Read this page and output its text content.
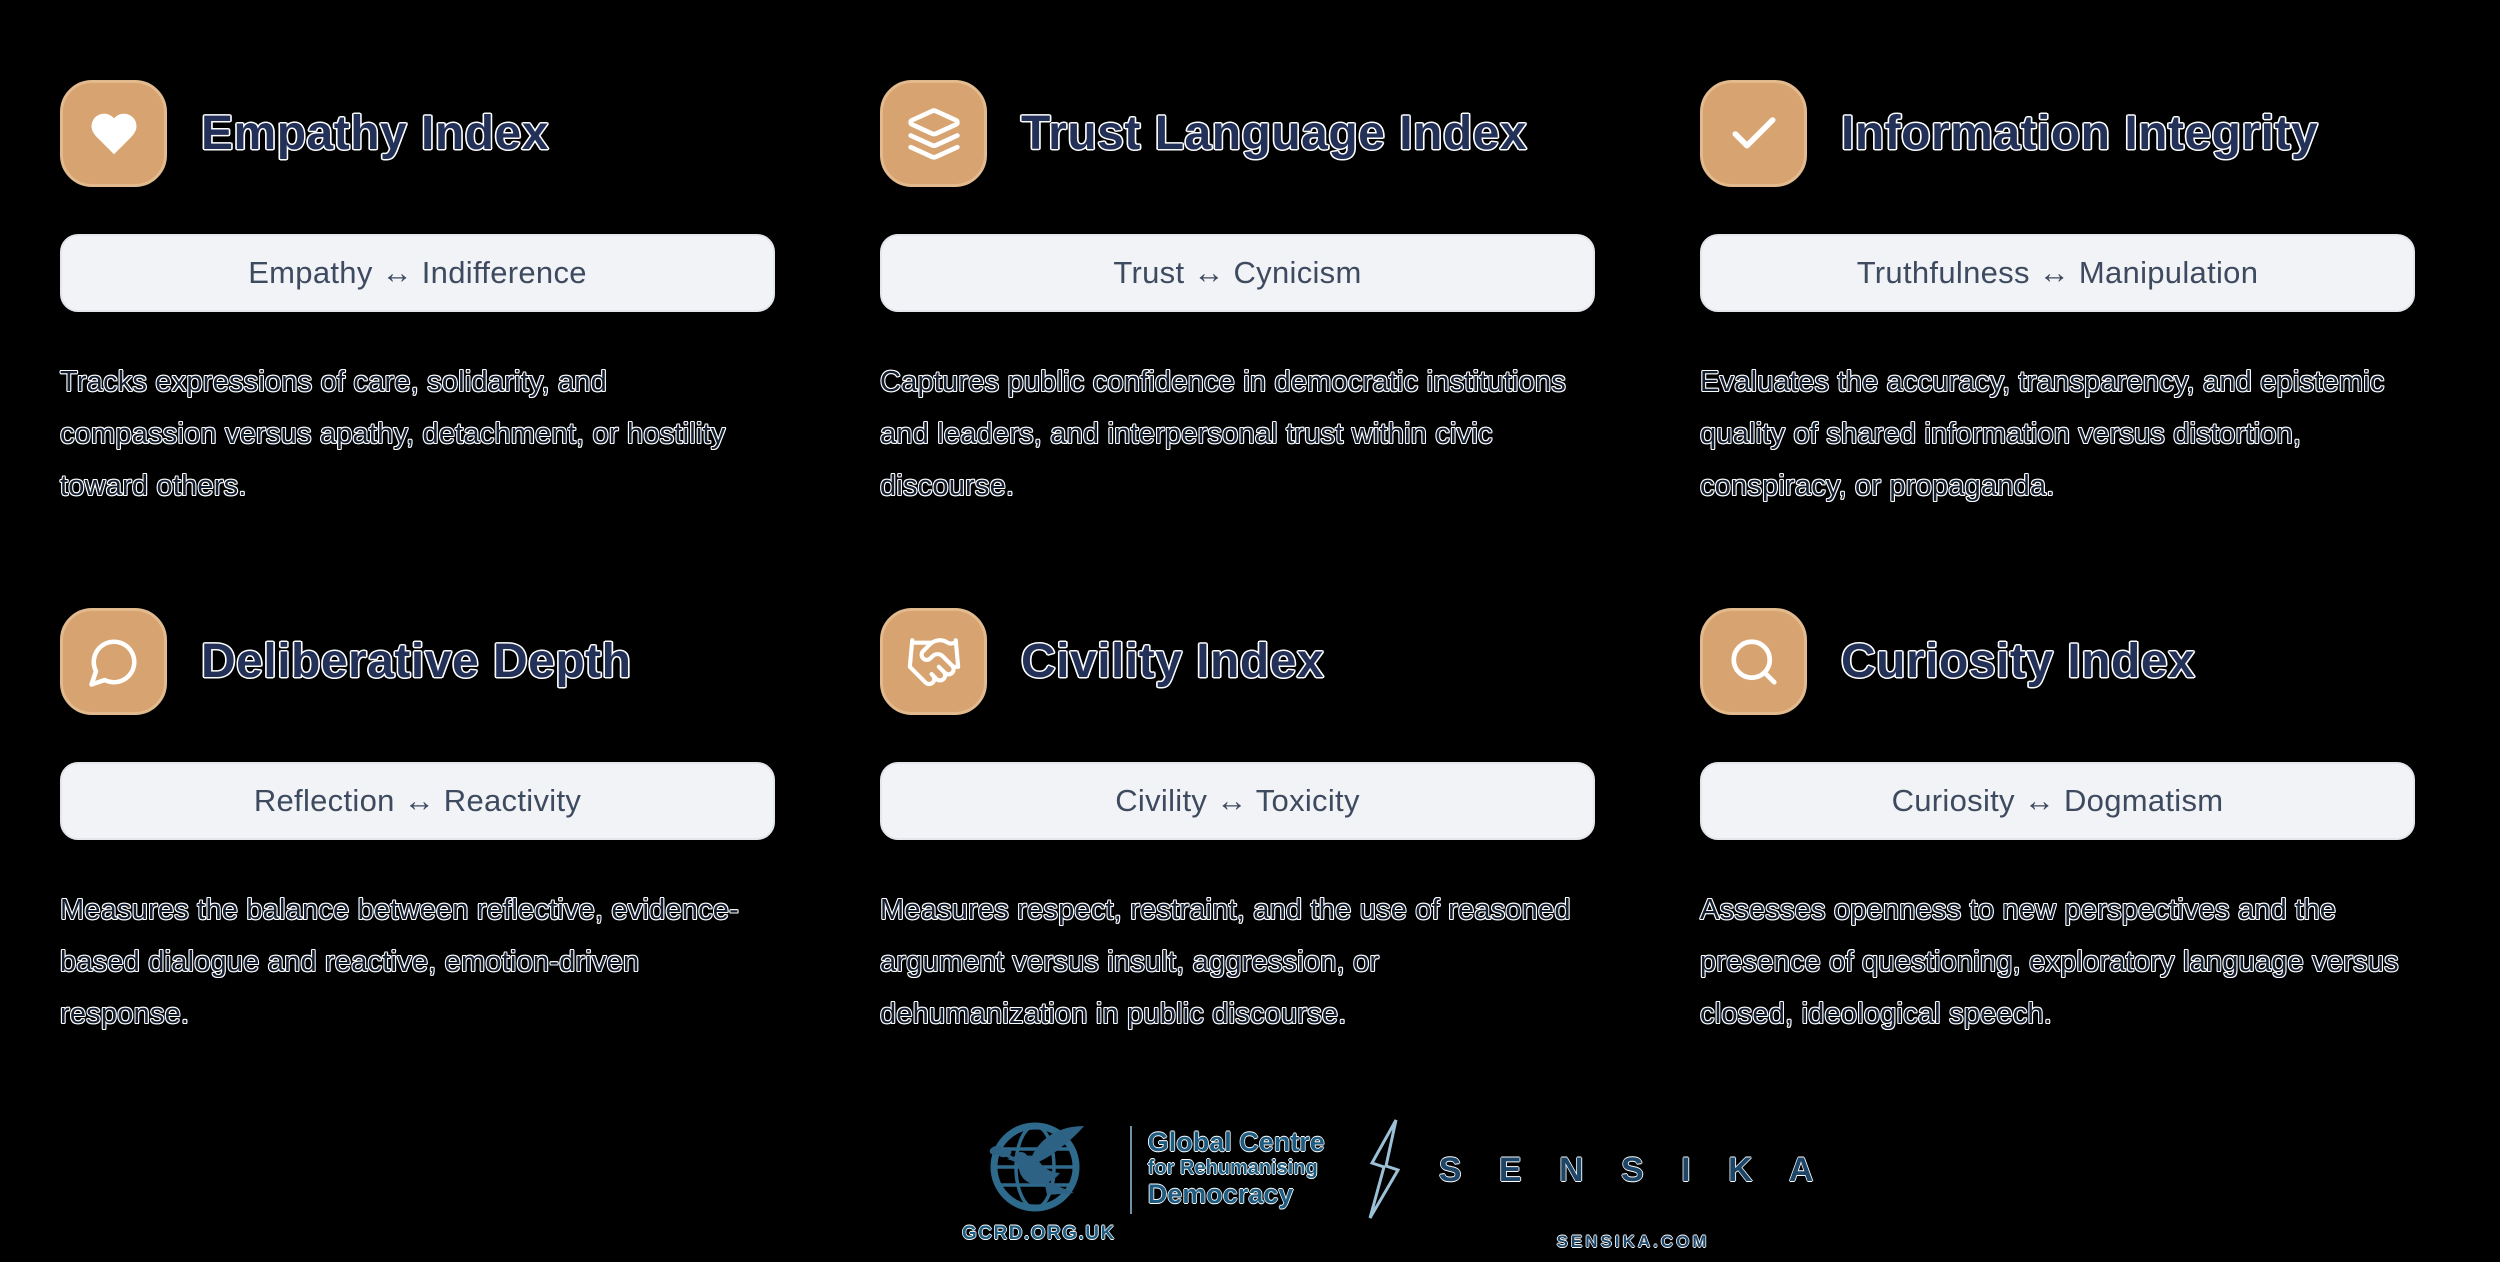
Empathy Index
Empathy ↔ Indifference
Tracks expressions of care, solidarity, and compassion versus apathy, detachment, or hostility toward others.
Trust Language Index
Trust ↔ Cynicism
Captures public confidence in democratic institutions and leaders, and interpersonal trust within civic discourse.
Information Integrity
Truthfulness ↔ Manipulation
Evaluates the accuracy, transparency, and epistemic quality of shared information versus distortion, conspiracy, or propaganda.
Deliberative Depth
Reflection ↔ Reactivity
Measures the balance between reflective, evidence-based dialogue and reactive, emotion-driven response.
Civility Index
Civility ↔ Toxicity
Measures respect, restraint, and the use of reasoned argument versus insult, aggression, or dehumanization in public discourse.
Curiosity Index
Curiosity ↔ Dogmatism
Assesses openness to new perspectives and the presence of questioning, exploratory language versus closed, ideological speech.
GCRD.ORG.UK
Global Centre
for Rehumanising
Democracy
S E N S I K A
SENSIKA.COM
